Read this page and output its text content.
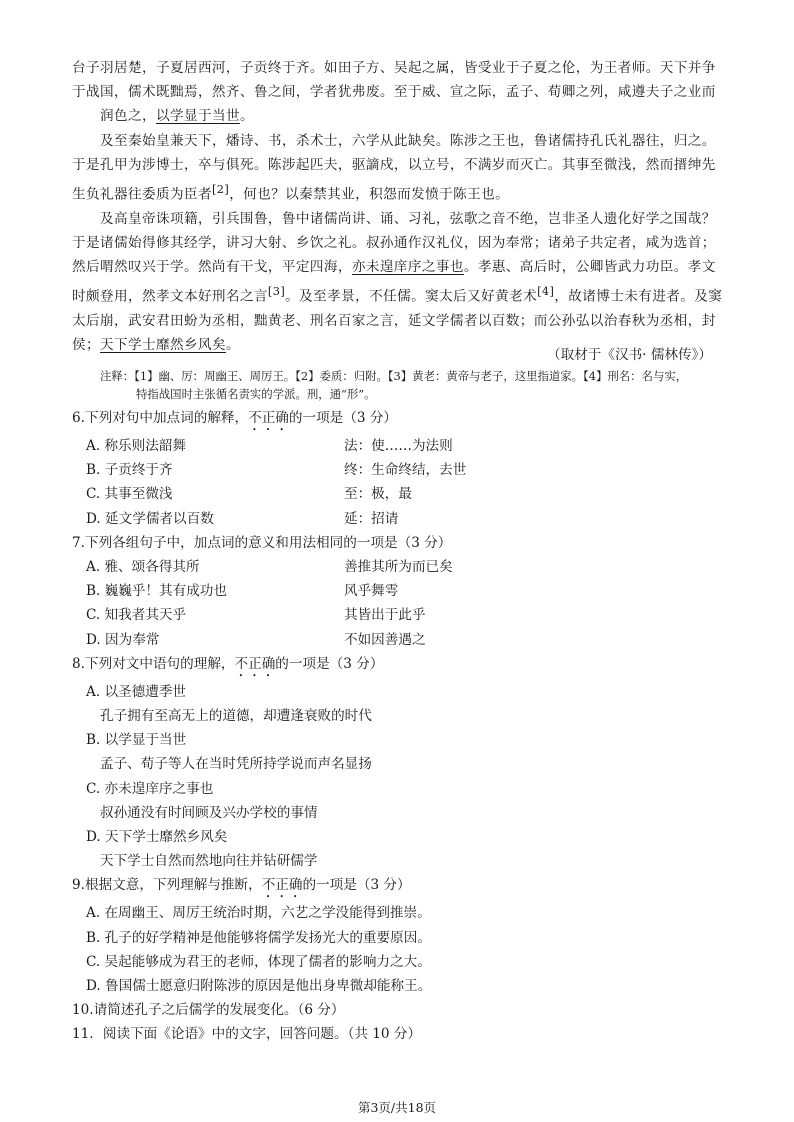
台子羽居楚，子夏居西河，子贡终于齐。如田子方、吴起之属，皆受业于子夏之伦，为王者师。天下并争
于战国，儒术既黜焉，然齐、鲁之间，学者犹弗废。至于威、宣之际，孟子、荀卿之列，咸遵夫子之业而
润色之，以学显于当世。
及至秦始皇兼天下，燔诗、书，杀术士，六学从此缺矣。陈涉之王也，鲁诸儒持孔氏礼器往，归之。
于是孔甲为涉博士，卒与俱死。陈涉起匹夫，驱謫戍，以立号，不满岁而灭亡。其事至微浅，然而搢绅先
生负礼器往委质为臣者[2]，何也？以秦禁其业，积怨而发愤于陈王也。
及高皇帝诛项籍，引兵围鲁，鲁中诸儒尚讲、诵、习礼，弦歌之音不绝，岂非圣人遗化好学之国哉？
于是诸儒始得修其经学，讲习大射、乡饮之礼。叔孙通作汉礼仪，因为奉常；诸弟子共定者，咸为选首；
然后喟然叹兴于学。然尚有干戈，平定四海，亦未遑庠序之事也。孝惠、高后时，公卿皆武力功臣。孝文
时颇登用，然孝文本好刑名之言[3]。及至孝景，不任儒。窦太后又好黄老术[4]，故诸博士未有进者。及窦
太后崩，武安君田蚡为丞相，黜黄老、刑名百家之言，延文学儒者以百数；而公孙弘以治春秋为丞相，封
侯；天下学士靡然乡风矣。
（取材于《汉书· 儒林传》）
注释：【1】幽、厉：周幽王、周厉王。【2】委质：归附。【3】黄老：黄帝与老子，这里指道家。【4】刑名：名与实，
特指战国时主张循名责实的学派。刑，通“形”。
6.下列对句中加点词的解释，不正确的一项是（3 分）
A. 称乐则法韶舞	法：使……为法则
B. 子贡终于齐	终：生命终结，去世
C. 其事至微浅	至：极，最
D. 延文学儒者以百数	延：招请
7.下列各组句子中，加点词的意义和用法相同的一项是（3 分）
A. 雅、颂各得其所	善推其所为而已矣
B. 巍巍乎！其有成功也	风乎舞雩
C. 知我者其天乎	其皆出于此乎
D. 因为奉常	不如因善遇之
8.下列对文中语句的理解，不正确的一项是（3 分）
A. 以圣德遭季世
孔子拥有至高无上的道德，却遭逢衰败的时代
B. 以学显于当世
孟子、荀子等人在当时凭所持学说而声名显扬
C. 亦未遑庠序之事也
叔孙通没有时间顾及兴办学校的事情
D. 天下学士靡然乡风矣
天下学士自然而然地向往并钻研儒学
9.根据文意，下列理解与推断，不正确的一项是（3 分）
A. 在周幽王、周厉王统治时期，六艺之学没能得到推崇。
B. 孔子的好学精神是他能够将儒学发扬光大的重要原因。
C. 吴起能够成为君王的老师，体现了儒者的影响力之大。
D. 鲁国儒士愿意归附陈涉的原因是他出身卑微却能称王。
10.请简述孔子之后儒学的发展变化。（6 分）
11．阅读下面《论语》中的文字，回答问题。（共 10 分）
第3页/共18页
